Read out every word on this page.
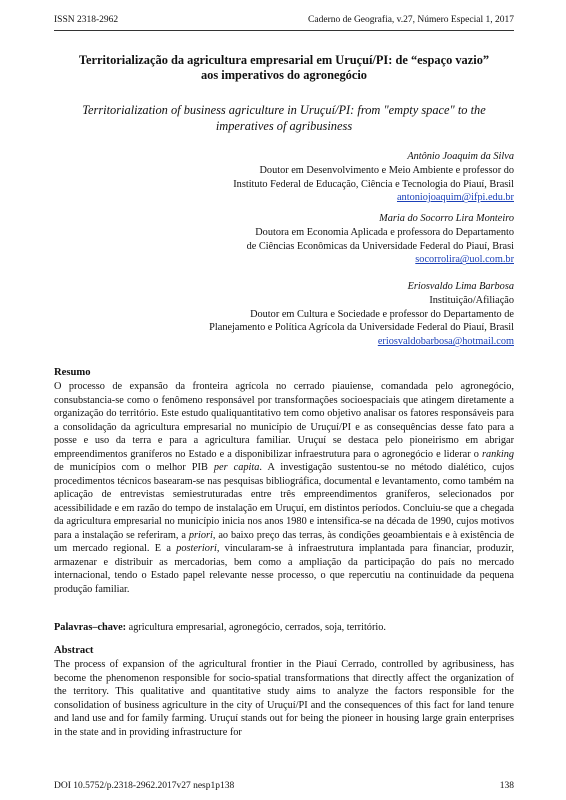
ISSN 2318-2962	Caderno de Geografia, v.27, Número Especial 1, 2017
Territorialização da agricultura empresarial em Uruçuí/PI: de “espaço vazio”
aos imperativos do agronegócio
Territorialization of business agriculture in Uruçuí/PI: from "empty space" to the
imperatives of agribusiness
Antônio Joaquim da Silva
Doutor em Desenvolvimento e Meio Ambiente e professor do
Instituto Federal de Educação, Ciência e Tecnologia do Piauí, Brasil
antoniojoaquim@ifpi.edu.br
Maria do Socorro Lira Monteiro
Doutora em Economia Aplicada e professora do Departamento
de Ciências Econômicas da Universidade Federal do Piauí, Brasi
socorrolira@uol.com.br
Eriosvaldo Lima Barbosa
Instituição/Afiliação
Doutor em Cultura e Sociedade e professor do Departamento de
Planejamento e Política Agrícola da Universidade Federal do Piauí, Brasil
eriosvaldobarbosa@hotmail.com
Resumo
O processo de expansão da fronteira agrícola no cerrado piauiense, comandada pelo agronegócio, consubstancia-se como o fenômeno responsável por transformações socioespaciais que atingem diretamente a organização do território. Este estudo qualiquantitativo tem como objetivo analisar os fatores responsáveis para a consolidação da agricultura empresarial no município de Uruçuí/PI e as consequências desse fato para a posse e uso da terra e para a agricultura familiar. Uruçuí se destaca pelo pioneirismo em abrigar empreendimentos graníferos no Estado e a disponibilizar infraestrutura para o agronegócio e liderar o ranking de municípios com o melhor PIB per capita. A investigação sustentou-se no método dialético, cujos procedimentos técnicos basearam-se nas pesquisas bibliográfica, documental e levantamento, como também na aplicação de entrevistas semiestruturadas entre três empreendimentos graníferos, selecionados por acessibilidade e em razão do tempo de instalação em Uruçuí, em distintos períodos. Concluiu-se que a chegada da agricultura empresarial no município inicia nos anos 1980 e intensifica-se na década de 1990, cujos motivos para a instalação se referiram, a priori, ao baixo preço das terras, às condições geoambientais e à existência de um mercado regional. E a posteriori, vincularam-se à infraestrutura implantada para financiar, produzir, armazenar e distribuir as mercadorias, bem como a ampliação da participação do país no mercado internacional, tendo o Estado papel relevante nesse processo, o que repercutiu na continuidade da pequena produção familiar.
Palavras–chave: agricultura empresarial, agronegócio, cerrados, soja, território.
Abstract
The process of expansion of the agricultural frontier in the Piauí Cerrado, controlled by agribusiness, has become the phenomenon responsible for socio-spatial transformations that directly affect the organization of the territory. This qualitative and quantitative study aims to analyze the factors responsible for the consolidation of business agriculture in the city of Uruçuí/PI and the consequences of this fact for land tenure and land use and for family farming. Uruçuí stands out for being the pioneer in housing large grain enterprises in the state and in providing infrastructure for
DOI 10.5752/p.2318-2962.2017v27 nesp1p138	138
